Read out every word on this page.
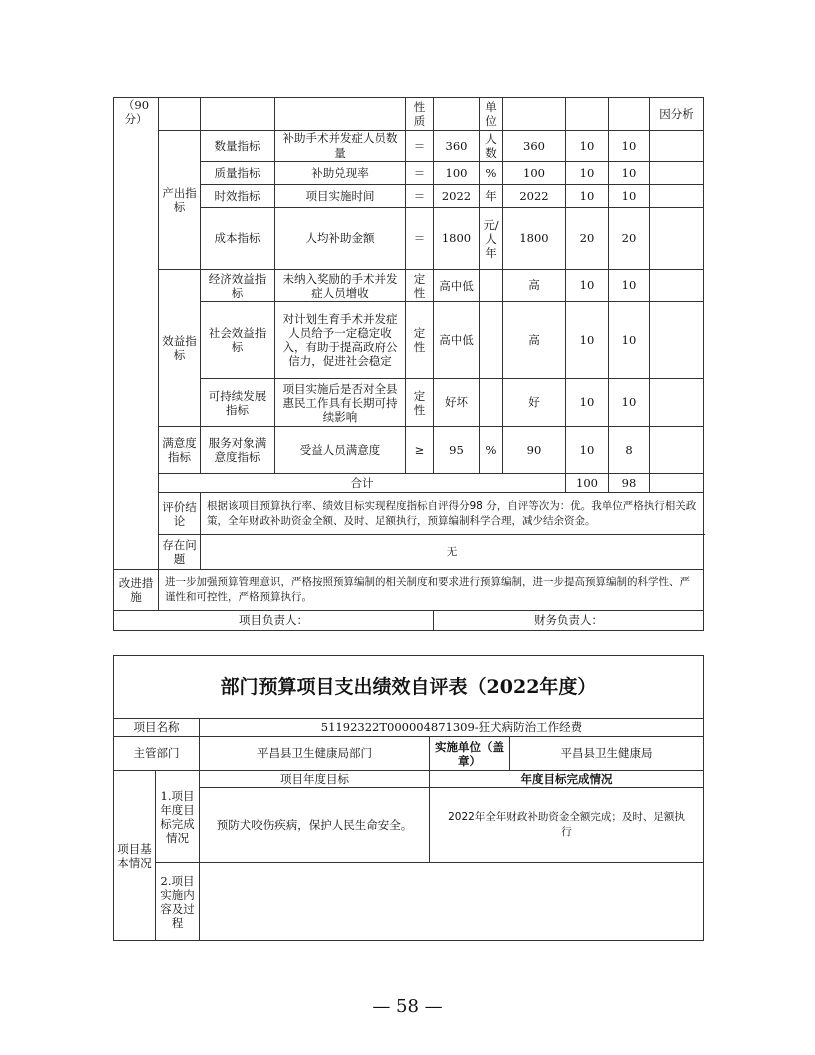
（90分）				性质		单位				因分析
	产出指标	数量指标	补助手术并发症人员数量	＝	360	人数	360	10	10	
		质量指标	补助兑现率	＝	100	%	100	10	10	
		时效指标	项目实施时间	＝	2022	年	2022	10	10	
		成本指标	人均补助金额	＝	1800	元/人年	1800	20	20	
	效益指标	经济效益指标	未纳入奖励的手术并发症人员增收	定性	高中低		高	10	10	
		社会效益指标	对计划生育手术并发症人员给予一定稳定收入，有助于提高政府公信力，促进社会稳定	定性	高中低		高	10	10	
		可持续发展指标	项目实施后是否对全县惠民工作具有长期可持续影响	定性	好坏		好	10	10	
	满意度指标	服务对象满意度指标	受益人员满意度	≥	95	%	90	10	8	
	合计							100	98	
	评价结论	根据该项目预算执行率、绩效目标实现程度指标自评得分98 分，自评等次为：优。我单位严格执行相关政策，全年财政补助资金全额、及时、足额执行，预算编制科学合理，减少结余资金。								
	存在问题	无								
改进措施	进一步加强预算管理意识，严格按照预算编制的相关制度和要求进行预算编制，进一步提高预算编制的科学性、严谨性和可控性，严格预算执行。									
项目负责人：					财务负责人：					
部门预算项目支出绩效自评表（2022年度）				
项目名称		51192322T000004871309-狂犬病防治工作经费		
主管部门		平昌县卫生健康局部门	实施单位（盖章）	平昌县卫生健康局
项目基本情况	1.项目年度目标完成情况	项目年度目标	年度目标完成情况	
		预防犬咬伤疾病，保护人民生命安全。	2022年全年财政补助资金全额完成；及时、足额执行	
	2.项目实施内容及过程			
— 58 —
